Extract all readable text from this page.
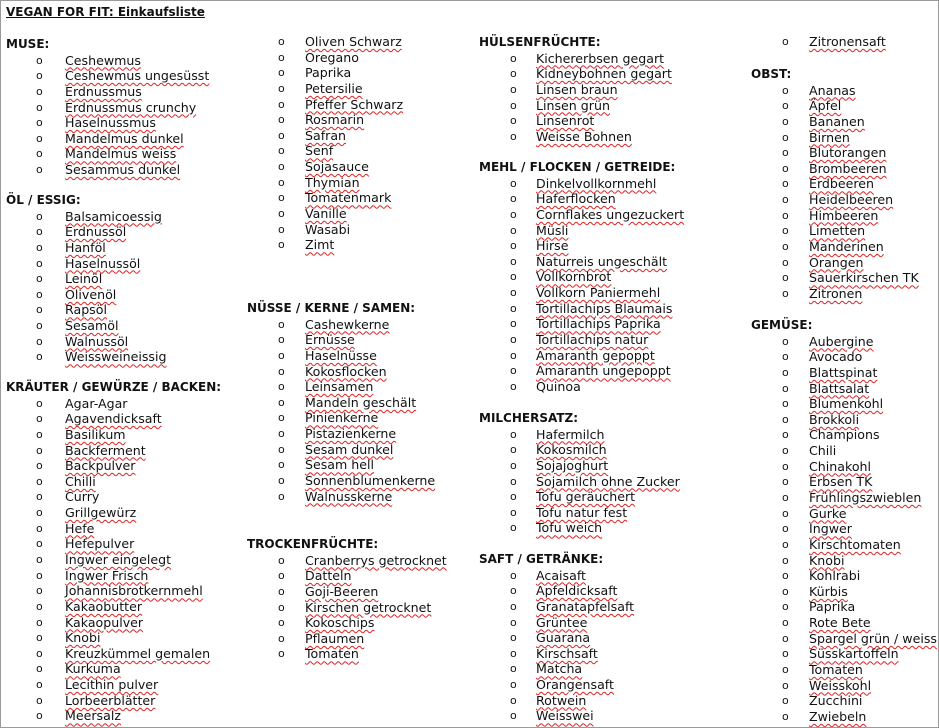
VEGAN FOR FIT: Einkaufsliste
MUSE:
o Ceshewmus
o Ceshewmus ungesüsst
o Erdnussmus
o Erdnussmus crunchy
o Haselnussmus
o Mandelmus dunkel
o Mandelmus weiss
o Sesammus dunkel
ÖL / ESSIG:
o Balsamicoessig
o Erdnussöl
o Hanföl
o Haselnussöl
o Leinöl
o Olivenöl
o Rapsöl
o Sesamöl
o Walnussöl
o Weissweineissig
KRÄUTER / GEWÜRZE / BACKEN:
o Agar-Agar
o Agavendicksaft
o Basilikum
o Backferment
o Backpulver
o Chilli
o Curry
o Grillgewürz
o Hefe
o Hefepulver
o Ingwer eingelegt
o Ingwer Frisch
o Johannisbrotkernmehl
o Kakaobutter
o Kakaopulver
o Knobi
o Kreuzkümmel gemalen
o Kurkuma
o Lecithin pulver
o Lorbeerblätter
o Meersalz
o Oliven Schwarz
o Oregano
o Paprika
o Petersilie
o Pfeffer Schwarz
o Rosmarin
o Safran
o Senf
o Sojasauce
o Thymian
o Tomatenmark
o Vanille
o Wasabi
o Zimt
NÜSSE / KERNE / SAMEN:
o Cashewkerne
o Ernüsse
o Haselnüsse
o Kokosflocken
o Leinsamen
o Mandeln geschält
o Pinienkerne
o Pistazienkerne
o Sesam dunkel
o Sesam hell
o Sonnenblumenkerne
o Walnusskerne
TROCKENFRÜCHTE:
o Cranberrys getrocknet
o Datteln
o Goji-Beeren
o Kirschen getrocknet
o Kokoschips
o Pflaumen
o Tomaten
HÜLSENFRÜCHTE:
o Kichererbsen gegart
o Kidneybohnen gegart
o Linsen braun
o Linsen grün
o Linsenrot
o Weisse Bohnen
MEHL / FLOCKEN / GETREIDE:
o Dinkelvollkornmehl
o Haferflocken
o Cornflakes ungezuckert
o Müsli
o Hirse
o Naturreis ungeschält
o Vollkornbrot
o Vollkorn Paniermehl
o Tortillachips Blaumais
o Tortillachips Paprika
o Tortillachips natur
o Amaranth gepoppt
o Amaranth ungepoppt
o Quinoa
MILCHERSATZ:
o Hafermilch
o Kokosmilch
o Sojajoghurt
o Sojamilch ohne Zucker
o Tofu geräuchert
o Tofu natur fest
o Tofu weich
SAFT / GETRÄNKE:
o Acaisaft
o Apfeldicksaft
o Granatapfelsaft
o Grüntee
o Guarana
o Kirschsaft
o Matcha
o Orangensaft
o Rotwein
o Weisswei
o Zitronensaft
OBST:
o Ananas
o Äpfel
o Bananen
o Birnen
o Blutorangen
o Brombeeren
o Erdbeeren
o Heidelbeeren
o Himbeeren
o Limetten
o Manderinen
o Orangen
o Sauerkirschen TK
o Zitronen
GEMÜSE:
o Aubergine
o Avocado
o Blattspinat
o Blattsalat
o Blumenkohl
o Brokkoli
o Champions
o Chili
o Chinakohl
o Erbsen TK
o Frühlingszwieblen
o Gurke
o Ingwer
o Kirschtomaten
o Knobi
o Kohlrabi
o Kürbis
o Paprika
o Rote Bete
o Spargel grün / weiss
o Süsskartoffeln
o Tomaten
o Weisskohl
o Zucchini
o Zwiebeln
